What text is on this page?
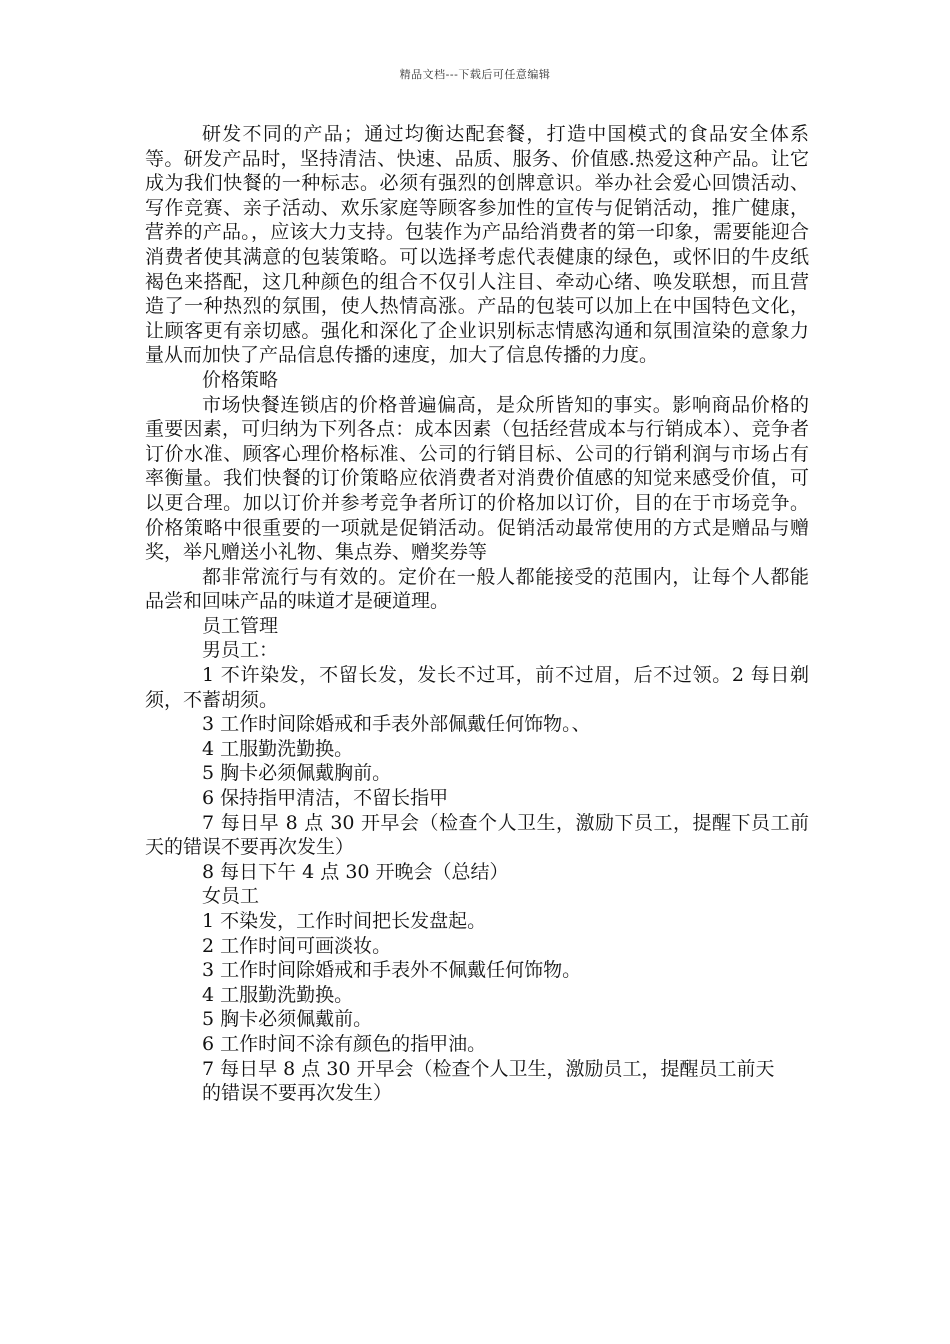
精品文档---下载后可任意编辑

研发不同的产品；通过均衡达配套餐，打造中国模式的食品安全体系等。研发产品时，坚持清洁、快速、品质、服务、价值感.热爱这种产品。让它成为我们快餐的一种标志。必须有强烈的创牌意识。举办社会爱心回馈活动、写作竞赛、亲子活动、欢乐家庭等顾客参加性的宣传与促销活动，推广健康，营养的产品。，应该大力支持。包装作为产品给消费者的第一印象，需要能迎合消费者使其满意的包装策略。可以选择考虑代表健康的绿色，或怀旧的牛皮纸褐色来搭配，这几种颜色的组合不仅引人注目、牵动心绪、唤发联想，而且营造了一种热烈的氛围，使人热情高涨。产品的包装可以加上在中国特色文化，让顾客更有亲切感。强化和深化了企业识别标志情感沟通和氛围渲染的意象力量从而加快了产品信息传播的速度，加大了信息传播的力度。

价格策略

市场快餐连锁店的价格普遍偏高，是众所皆知的事实。影响商品价格的重要因素，可归纳为下列各点：成本因素（包括经营成本与行销成本）、竞争者订价水准、顾客心理价格标准、公司的行销目标、公司的行销利润与市场占有率衡量。我们快餐的订价策略应依消费者对消费价值感的知觉来感受价值，可以更合理。加以订价并参考竞争者所订的价格加以订价，目的在于市场竞争。价格策略中很重要的一项就是促销活动。促销活动最常使用的方式是赠品与赠奖，举凡赠送小礼物、集点券、赠奖券等

都非常流行与有效的。定价在一般人都能接受的范围内，让每个人都能品尝和回味产品的味道才是硬道理。

员工管理

男员工：

1 不许染发，不留长发，发长不过耳，前不过眉，后不过领。2 每日剃须，不蓄胡须。

3 工作时间除婚戒和手表外部佩戴任何饰物。、

4 工服勤洗勤换。

5 胸卡必须佩戴胸前。

6 保持指甲清洁，不留长指甲

7 每日早 8 点 30 开早会（检查个人卫生，激励下员工，提醒下员工前天的错误不要再次发生）

8 每日下午 4 点 30 开晚会（总结）

女员工

1 不染发，工作时间把长发盘起。

2 工作时间可画淡妆。

3 工作时间除婚戒和手表外不佩戴任何饰物。

4 工服勤洗勤换。

5 胸卡必须佩戴前。

6 工作时间不涂有颜色的指甲油。

7 每日早 8 点 30 开早会（检查个人卫生，激励员工，提醒员工前天

的错误不要再次发生）
